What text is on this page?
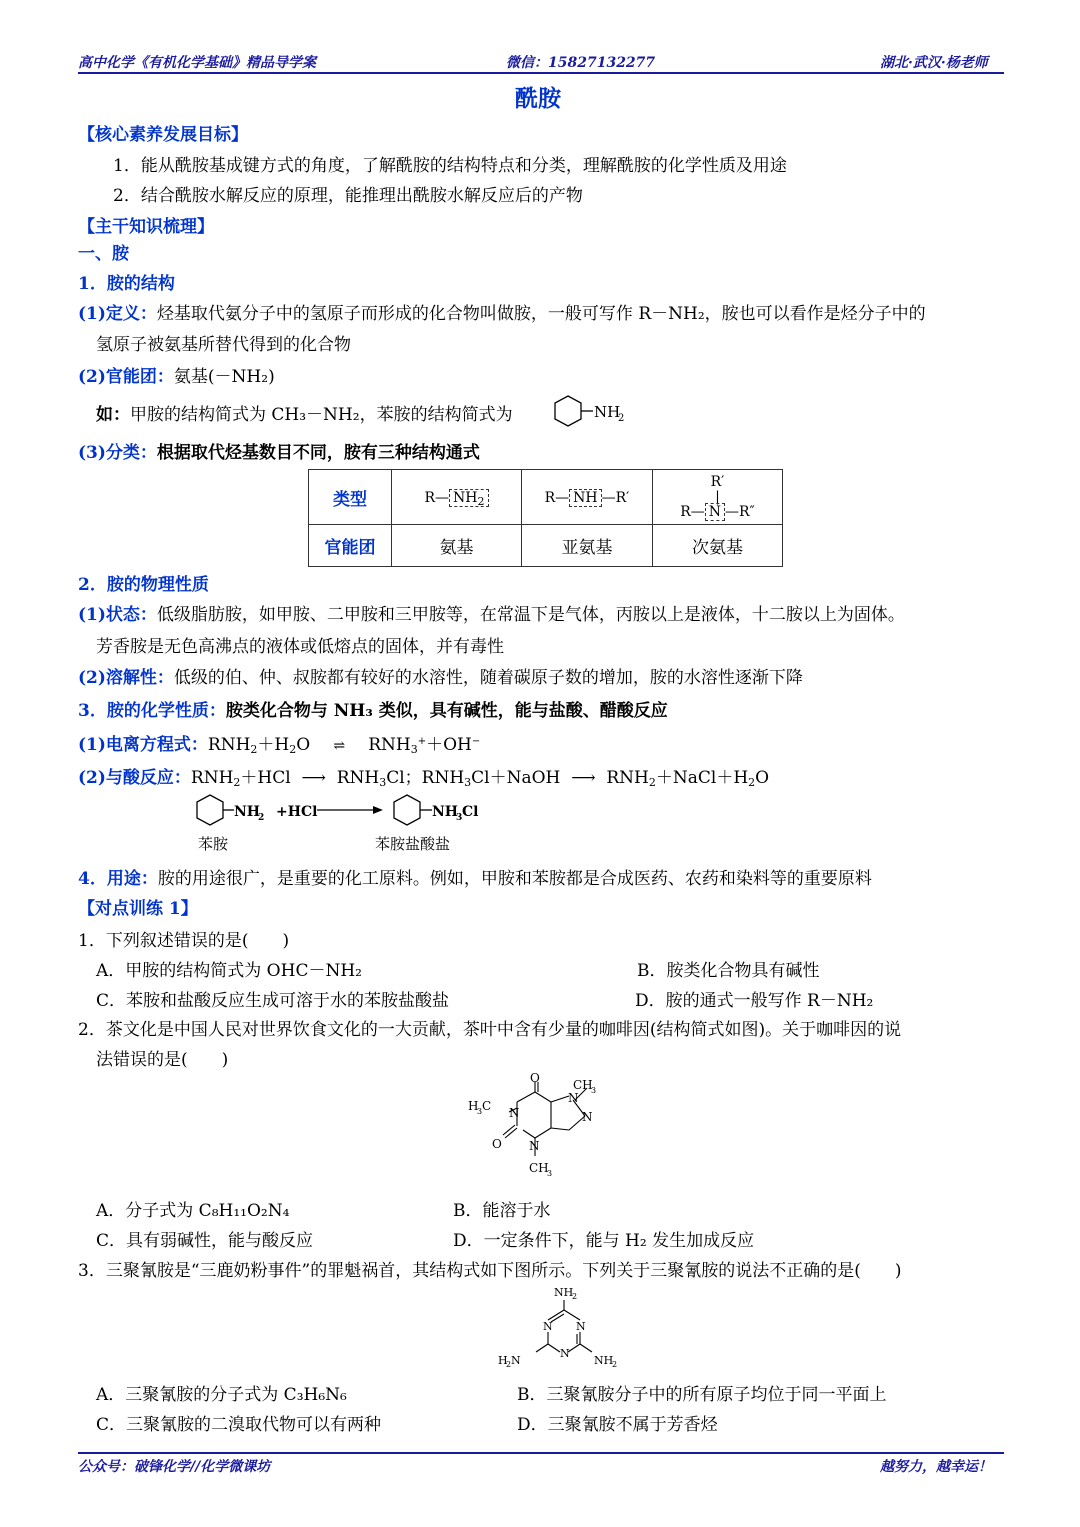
高中化学《有机化学基础》精品导学案	微信：15827132277	湖北·武汉·杨老师
酰胺
【核心素养发展目标】
1．能从酰胺基成键方式的角度，了解酰胺的结构特点和分类，理解酰胺的化学性质及用途
2．结合酰胺水解反应的原理，能推理出酰胺水解反应后的产物
【主干知识梳理】
一、胺
1．胺的结构
(1)定义：烃基取代氨分子中的氢原子而形成的化合物叫做胺，一般可写作 R－NH₂，胺也可以看作是烃分子中的
氢原子被氨基所替代得到的化合物
(2)官能团：氨基(－NH₂)
如：甲胺的结构简式为 CH₃－NH₂，苯胺的结构简式为	NH
2
(3)分类：根据取代烃基数目不同，胺有三种结构通式
类型	R— $NH_2$	R— NH —R′	R′
|
R— N —R″
官能团	氨基	亚氨基	次氨基
2．胺的物理性质
(1)状态：低级脂肪胺，如甲胺、二甲胺和三甲胺等，在常温下是气体，丙胺以上是液体，十二胺以上为固体。
芳香胺是无色高沸点的液体或低熔点的固体，并有毒性
(2)溶解性：低级的伯、仲、叔胺都有较好的水溶性，随着碳原子数的增加，胺的水溶性逐渐下降
3．胺的化学性质：胺类化合物与 NH₃ 类似，具有碱性，能与盐酸、醋酸反应
(1)电离方程式：$RNH_2+H_2O$ ⇌ $RNH_3^++OH^-$
(2)与酸反应：$RNH_2+HCl$ ⟶ $RNH_3Cl$；$RNH_3Cl+NaOH$ ⟶ $RNH_2+NaCl+H_2O$
NH
2 +HCl	NH
3 Cl
苯胺	苯胺盐酸盐
4．用途：胺的用途很广，是重要的化工原料。例如，甲胺和苯胺都是合成医药、农药和染料等的重要原料
【对点训练 1】
1．下列叙述错误的是(　　)
A．甲胺的结构简式为 OHC－NH₂	B．胺类化合物具有碱性
C．苯胺和盐酸反应生成可溶于水的苯胺盐酸盐	D．胺的通式一般写作 R－NH₂
2．茶文化是中国人民对世界饮食文化的一大贡献，茶叶中含有少量的咖啡因(结构简式如图)。关于咖啡因的说
法错误的是(　　)
O	CH
3
N
H
3 C N	N
O N
CH
3
A．分子式为 C₈H₁₁O₂N₄	B．能溶于水
C．具有弱碱性，能与酸反应	D．一定条件下，能与 H₂ 发生加成反应
3．三聚氰胺是“三鹿奶粉事件”的罪魁祸首，其结构式如下图所示。下列关于三聚氰胺的说法不正确的是(　　)
NH
2
N N
N
H
2 N	NH
2
A．三聚氰胺的分子式为 C₃H₆N₆	B．三聚氰胺分子中的所有原子均位于同一平面上
C．三聚氰胺的二溴取代物可以有两种	D．三聚氰胺不属于芳香烃
公众号：破锋化学//化学微课坊	越努力，越幸运！
